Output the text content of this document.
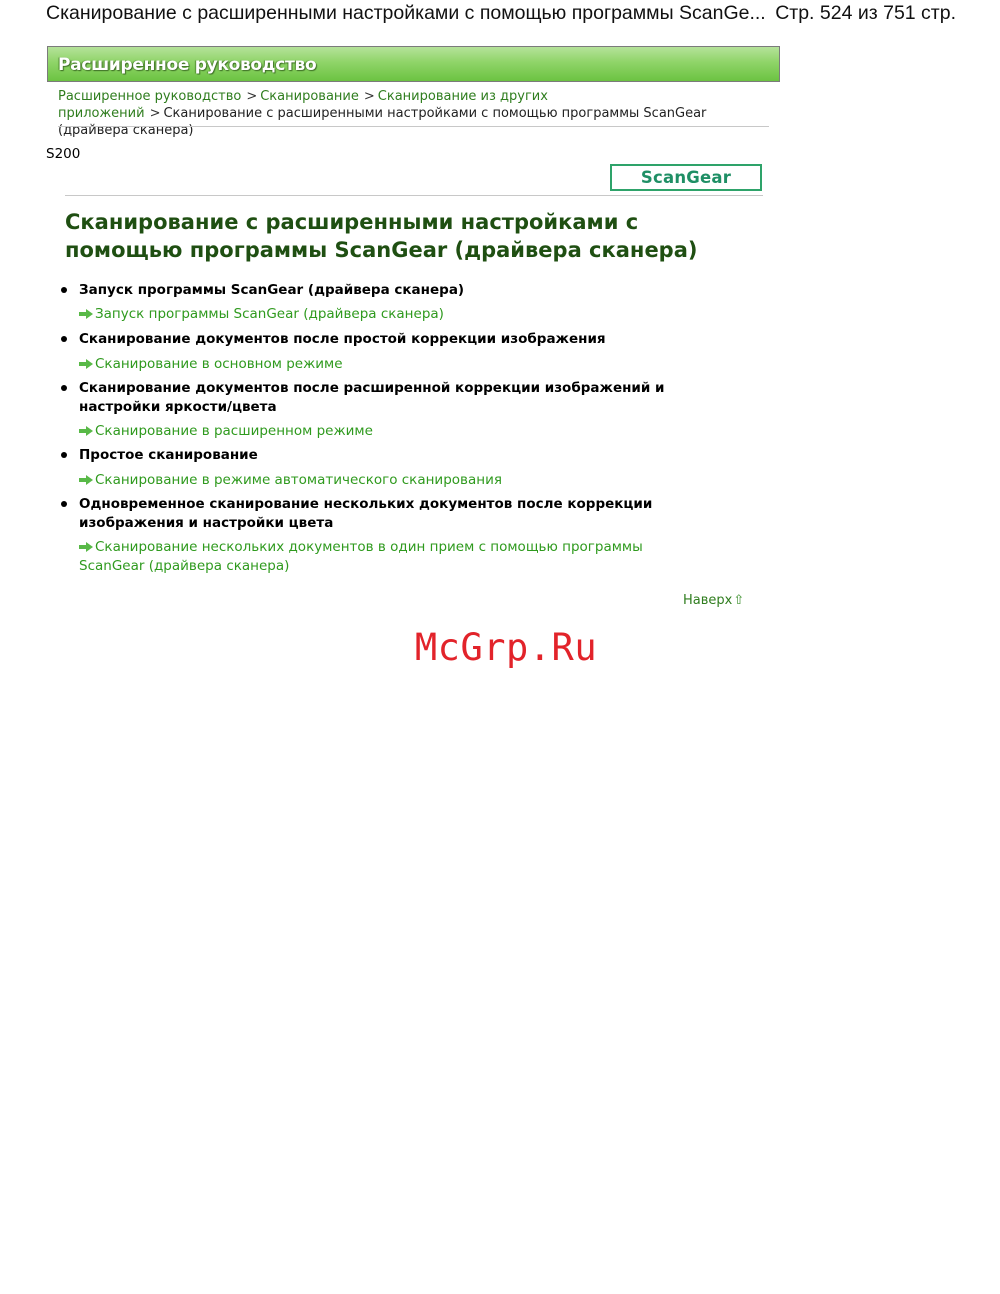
Сканирование с расширенными настройками с помощью программы ScanGe... Стр. 524 из 751 стр.
Расширенное руководство
Расширенное руководство > Сканирование > Сканирование из других приложений > Сканирование с расширенными настройками с помощью программы ScanGear (драйвера сканера)
S200
ScanGear
Сканирование с расширенными настройками с помощью программы ScanGear (драйвера сканера)
Запуск программы ScanGear (драйвера сканера)
Запуск программы ScanGear (драйвера сканера)
Сканирование документов после простой коррекции изображения
Сканирование в основном режиме
Сканирование документов после расширенной коррекции изображений и настройки яркости/цвета
Сканирование в расширенном режиме
Простое сканирование
Сканирование в режиме автоматического сканирования
Одновременное сканирование нескольких документов после коррекции изображения и настройки цвета
Сканирование нескольких документов в один прием с помощью программы ScanGear (драйвера сканера)
Наверх⇧
McGrp.Ru
